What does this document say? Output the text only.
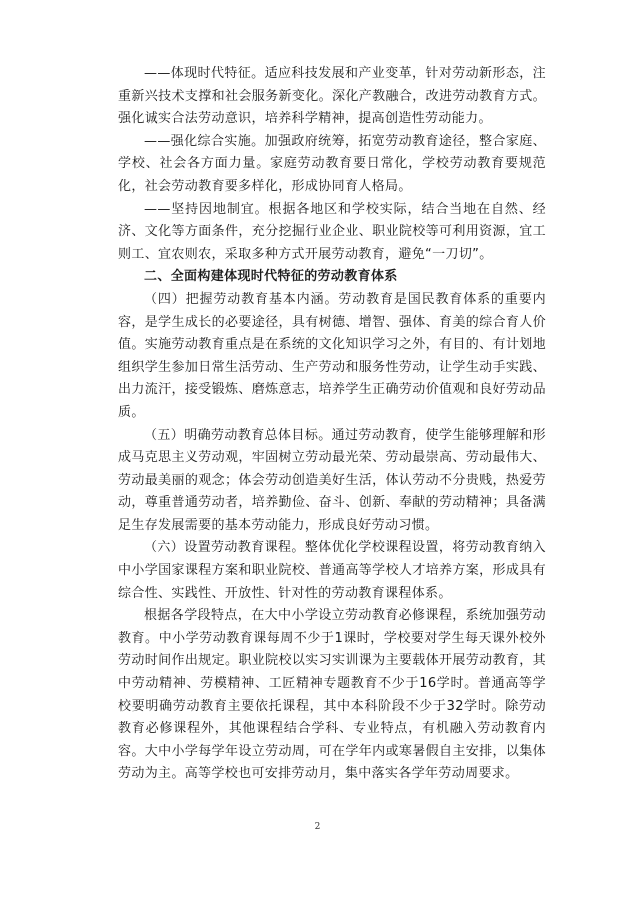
——体现时代特征。适应科技发展和产业变革，针对劳动新形态，注重新兴技术支撑和社会服务新变化。深化产教融合，改进劳动教育方式。强化诚实合法劳动意识，培养科学精神，提高创造性劳动能力。

——强化综合实施。加强政府统筹，拓宽劳动教育途径，整合家庭、学校、社会各方面力量。家庭劳动教育要日常化，学校劳动教育要规范化，社会劳动教育要多样化，形成协同育人格局。

——坚持因地制宜。根据各地区和学校实际，结合当地在自然、经济、文化等方面条件，充分挖掘行业企业、职业院校等可利用资源，宜工则工、宜农则农，采取多种方式开展劳动教育，避免“一刀切”。

二、全面构建体现时代特征的劳动教育体系

（四）把握劳动教育基本内涵。劳动教育是国民教育体系的重要内容，是学生成长的必要途径，具有树德、增智、强体、育美的综合育人价值。实施劳动教育重点是在系统的文化知识学习之外，有目的、有计划地组织学生参加日常生活劳动、生产劳动和服务性劳动，让学生动手实践、出力流汗，接受锻炼、磨炼意志，培养学生正确劳动价值观和良好劳动品质。

（五）明确劳动教育总体目标。通过劳动教育，使学生能够理解和形成马克思主义劳动观，牢固树立劳动最光荣、劳动最崇高、劳动最伟大、劳动最美丽的观念；体会劳动创造美好生活，体认劳动不分贵贱，热爱劳动，尊重普通劳动者，培养勤俭、奋斗、创新、奉献的劳动精神；具备满足生存发展需要的基本劳动能力，形成良好劳动习惯。

（六）设置劳动教育课程。整体优化学校课程设置，将劳动教育纳入中小学国家课程方案和职业院校、普通高等学校人才培养方案，形成具有综合性、实践性、开放性、针对性的劳动教育课程体系。

根据各学段特点，在大中小学设立劳动教育必修课程，系统加强劳动教育。中小学劳动教育课每周不少于1课时，学校要对学生每天课外校外劳动时间作出规定。职业院校以实习实训课为主要载体开展劳动教育，其中劳动精神、劳模精神、工匠精神专题教育不少于16学时。普通高等学校要明确劳动教育主要依托课程，其中本科阶段不少于32学时。除劳动教育必修课程外，其他课程结合学科、专业特点，有机融入劳动教育内容。大中小学每学年设立劳动周，可在学年内或寒暑假自主安排，以集体劳动为主。高等学校也可安排劳动月，集中落实各学年劳动周要求。

2
